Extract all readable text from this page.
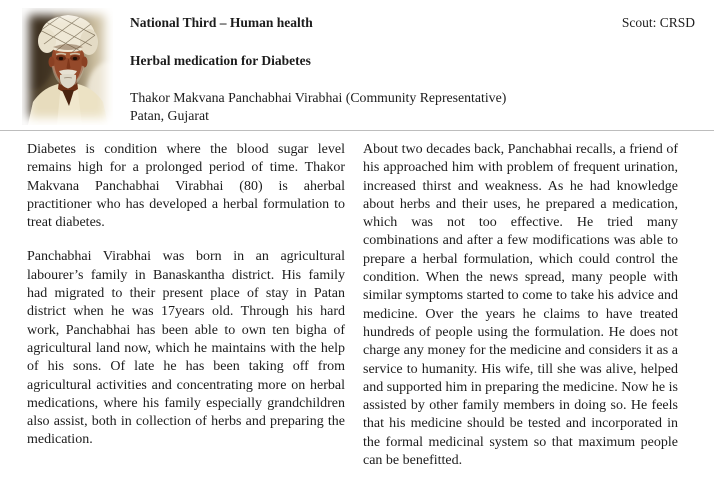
National Third – Human health
Herbal medication for Diabetes
Thakor Makvana Panchabhai Virabhai (Community Representative)
Patan, Gujarat
Scout: CRSD

Diabetes is condition where the blood sugar level remains high for a prolonged period of time. Thakor Makvana Panchabhai Virabhai (80) is aherbal practitioner who has developed a herbal formulation to treat diabetes.

Panchabhai Virabhai was born in an agricultural labourer’s family in Banaskantha district. His family had migrated to their present place of stay in Patan district when he was 17years old. Through his hard work, Panchabhai has been able to own ten bigha of agricultural land now, which he maintains with the help of his sons. Of late he has been taking off from agricultural activities and concentrating more on herbal medications, where his family especially grandchildren also assist, both in collection of herbs and preparing the medication.

About two decades back, Panchabhai recalls, a friend of his approached him with problem of frequent urination, increased thirst and weakness. As he had knowledge about herbs and their uses, he prepared a medication, which was not too effective. He tried many combinations and after a few modifications was able to prepare a herbal formulation, which could control the condition. When the news spread, many people with similar symptoms started to come to take his advice and medicine. Over the years he claims to have treated hundreds of people using the formulation. He does not charge any money for the medicine and considers it as a service to humanity. His wife, till she was alive, helped and supported him in preparing the medicine. Now he is assisted by other family members in doing so. He feels that his medicine should be tested and incorporated in the formal medicinal system so that maximum people can be benefitted.
